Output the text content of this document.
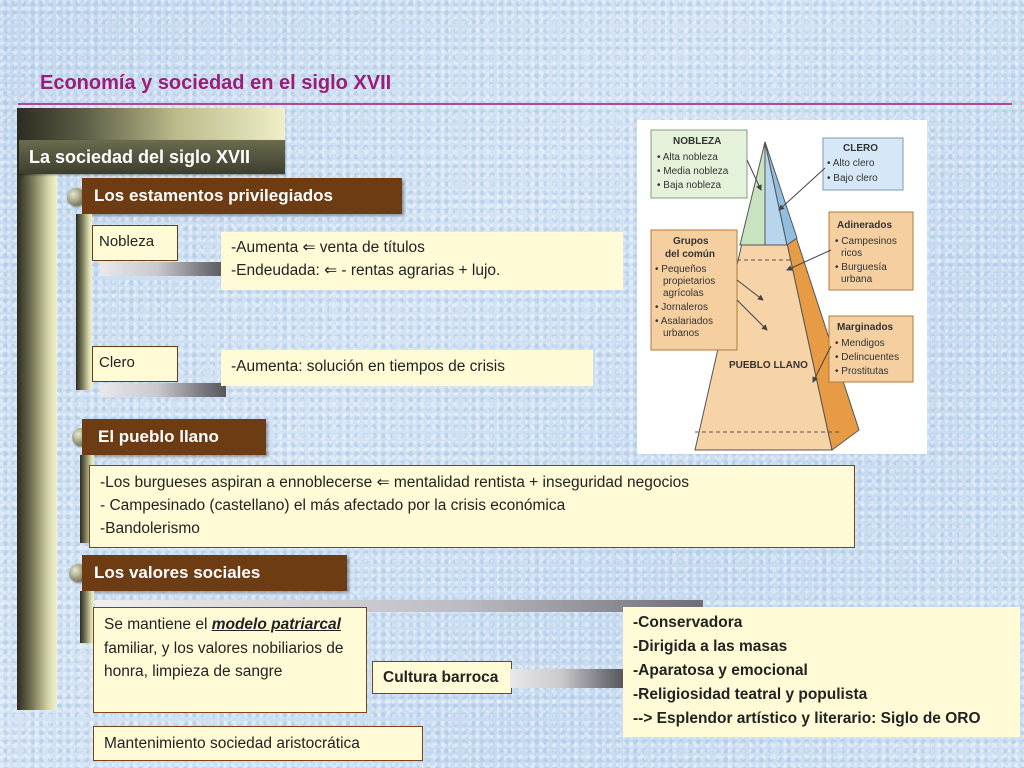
Economía y sociedad en el siglo XVII
La sociedad del siglo XVII
Los estamentos privilegiados
Nobleza	-Aumenta ⇐ venta de títulos
-Endeudada: ⇐ - rentas agrarias + lujo.
Clero	-Aumenta: solución en tiempos de crisis
El pueblo llano
-Los burgueses aspiran a ennoblecerse ⇐ mentalidad rentista + inseguridad negocios
- Campesinado (castellano) el más afectado por la crisis económica
-Bandolerismo
Los valores sociales
Se mantiene el modelo patriarcal familiar, y los valores nobiliarios de honra, limpieza de sangre
Mantenimiento sociedad aristocrática
Cultura barroca
-Conservadora
-Dirigida a las masas
-Aparatosa y emocional
-Religiosidad teatral y populista
--> Esplendor artístico y literario: Siglo de ORO
NOBLEZA
• Alta nobleza
• Media nobleza
• Baja nobleza
CLERO
• Alto clero
• Bajo clero
Adinerados
• Campesinos
ricos
• Burguesía
urbana
Grupos
del común
• Pequeños
propietarios
agrícolas
• Jornaleros
• Asalariados
urbanos
Marginados
• Mendigos
• Delincuentes
• Prostitutas
PUEBLO LLANO
